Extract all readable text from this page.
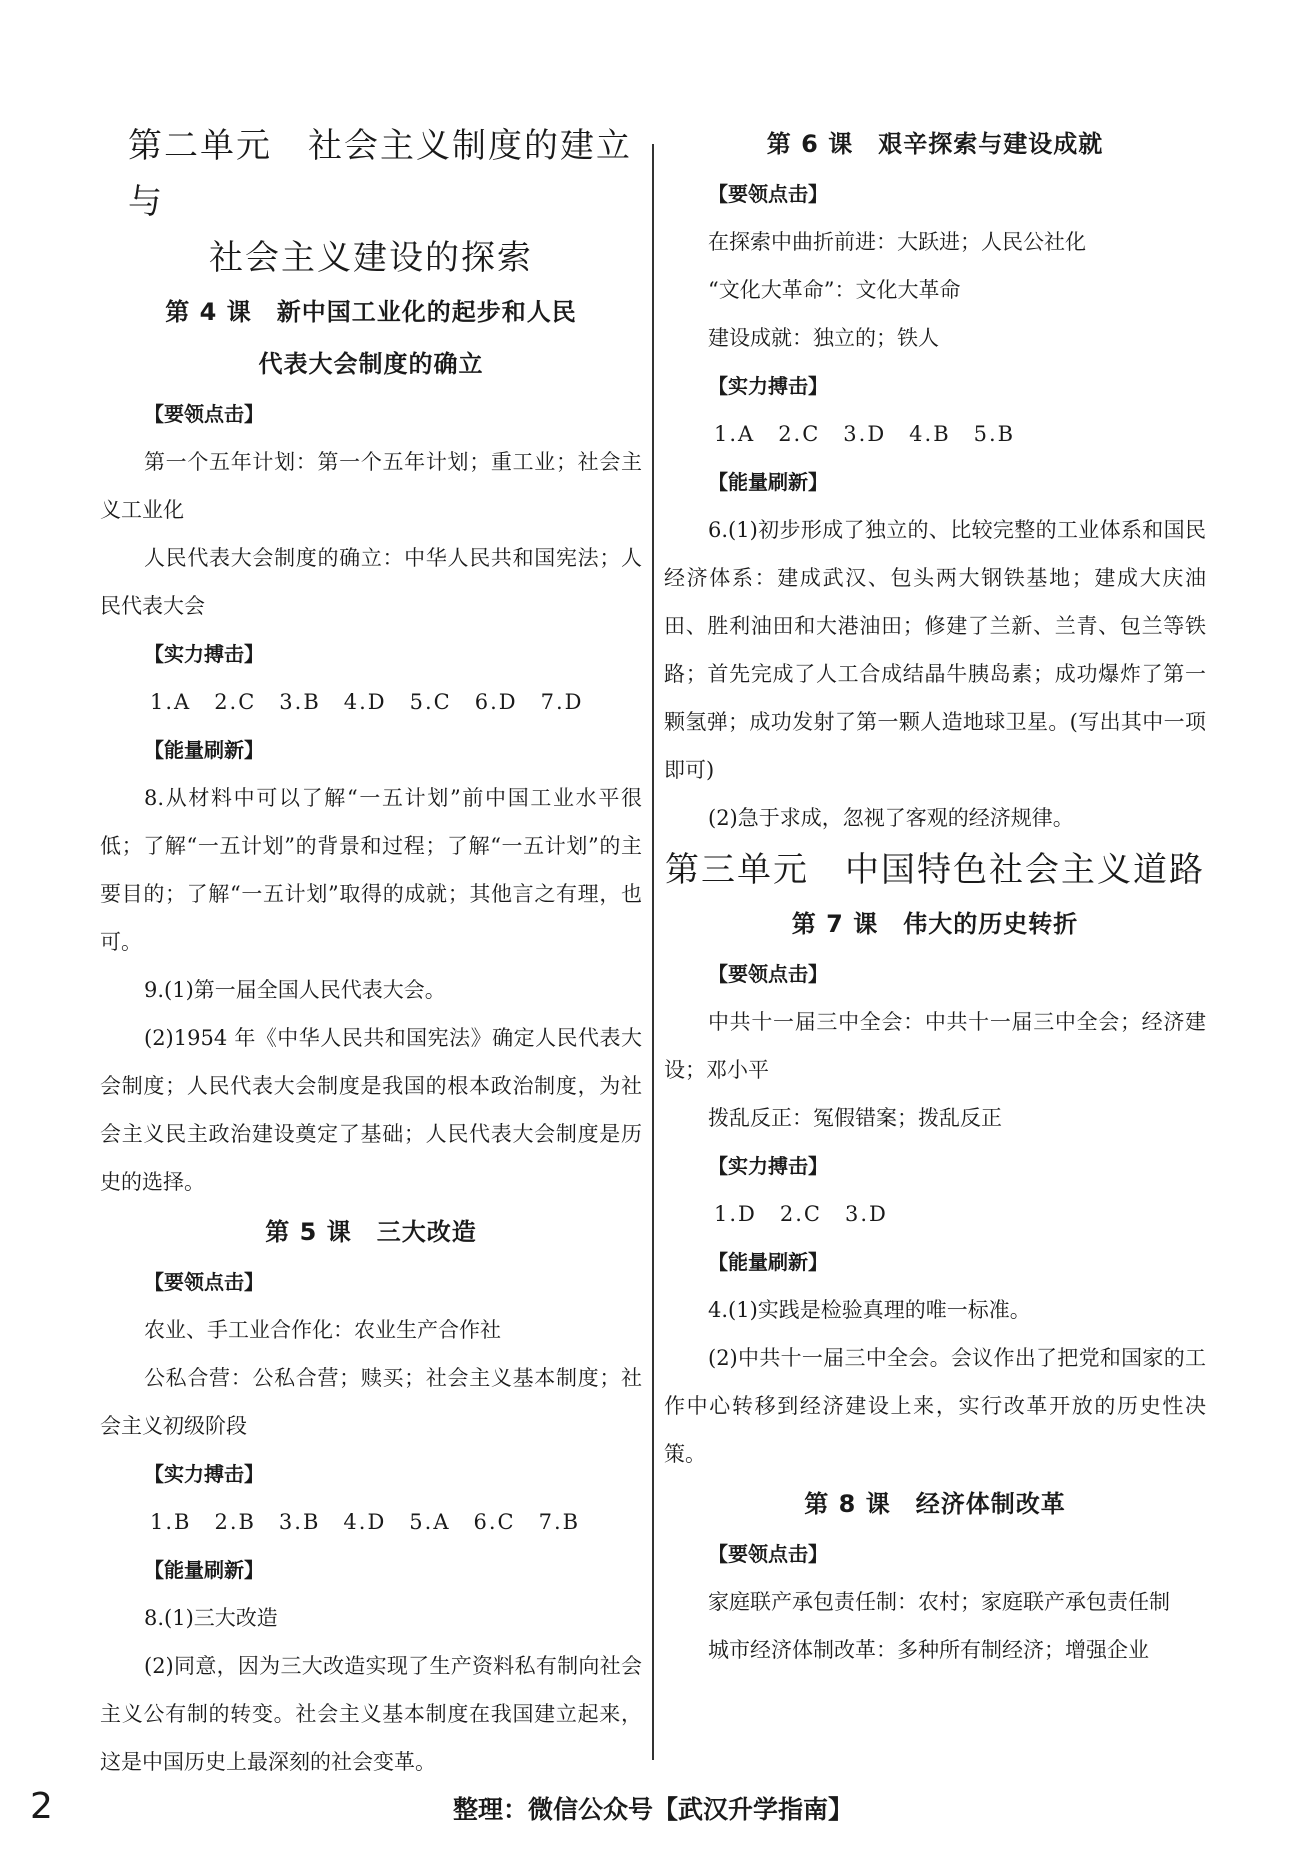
第二单元　社会主义制度的建立与
社会主义建设的探索
第 4 课　新中国工业化的起步和人民
代表大会制度的确立

【要领点击】

第一个五年计划：第一个五年计划；重工业；社会主义工业化

人民代表大会制度的确立：中华人民共和国宪法；人民代表大会

【实力搏击】

1.A　2.C　3.B　4.D　5.C　6.D　7.D

【能量刷新】

8.从材料中可以了解“一五计划”前中国工业水平很低；了解“一五计划”的背景和过程；了解“一五计划”的主要目的；了解“一五计划”取得的成就；其他言之有理，也可。

9.(1)第一届全国人民代表大会。

(2)1954 年《中华人民共和国宪法》确定人民代表大会制度；人民代表大会制度是我国的根本政治制度，为社会主义民主政治建设奠定了基础；人民代表大会制度是历史的选择。

第 5 课　三大改造

【要领点击】

农业、手工业合作化：农业生产合作社

公私合营：公私合营；赎买；社会主义基本制度；社会主义初级阶段

【实力搏击】

1.B　2.B　3.B　4.D　5.A　6.C　7.B

【能量刷新】

8.(1)三大改造

(2)同意，因为三大改造实现了生产资料私有制向社会主义公有制的转变。社会主义基本制度在我国建立起来，这是中国历史上最深刻的社会变革。

第 6 课　艰辛探索与建设成就

【要领点击】

在探索中曲折前进：大跃进；人民公社化

“文化大革命”：文化大革命

建设成就：独立的；铁人

【实力搏击】

1.A　2.C　3.D　4.B　5.B

【能量刷新】

6.(1)初步形成了独立的、比较完整的工业体系和国民经济体系：建成武汉、包头两大钢铁基地；建成大庆油田、胜利油田和大港油田；修建了兰新、兰青、包兰等铁路；首先完成了人工合成结晶牛胰岛素；成功爆炸了第一颗氢弹；成功发射了第一颗人造地球卫星。(写出其中一项即可)

(2)急于求成，忽视了客观的经济规律。

第三单元　中国特色社会主义道路
第 7 课　伟大的历史转折

【要领点击】

中共十一届三中全会：中共十一届三中全会；经济建设；邓小平

拨乱反正：冤假错案；拨乱反正

【实力搏击】

1.D　2.C　3.D

【能量刷新】

4.(1)实践是检验真理的唯一标准。

(2)中共十一届三中全会。会议作出了把党和国家的工作中心转移到经济建设上来，实行改革开放的历史性决策。

第 8 课　经济体制改革

【要领点击】

家庭联产承包责任制：农村；家庭联产承包责任制

城市经济体制改革：多种所有制经济；增强企业

2	整理：微信公众号【武汉升学指南】
